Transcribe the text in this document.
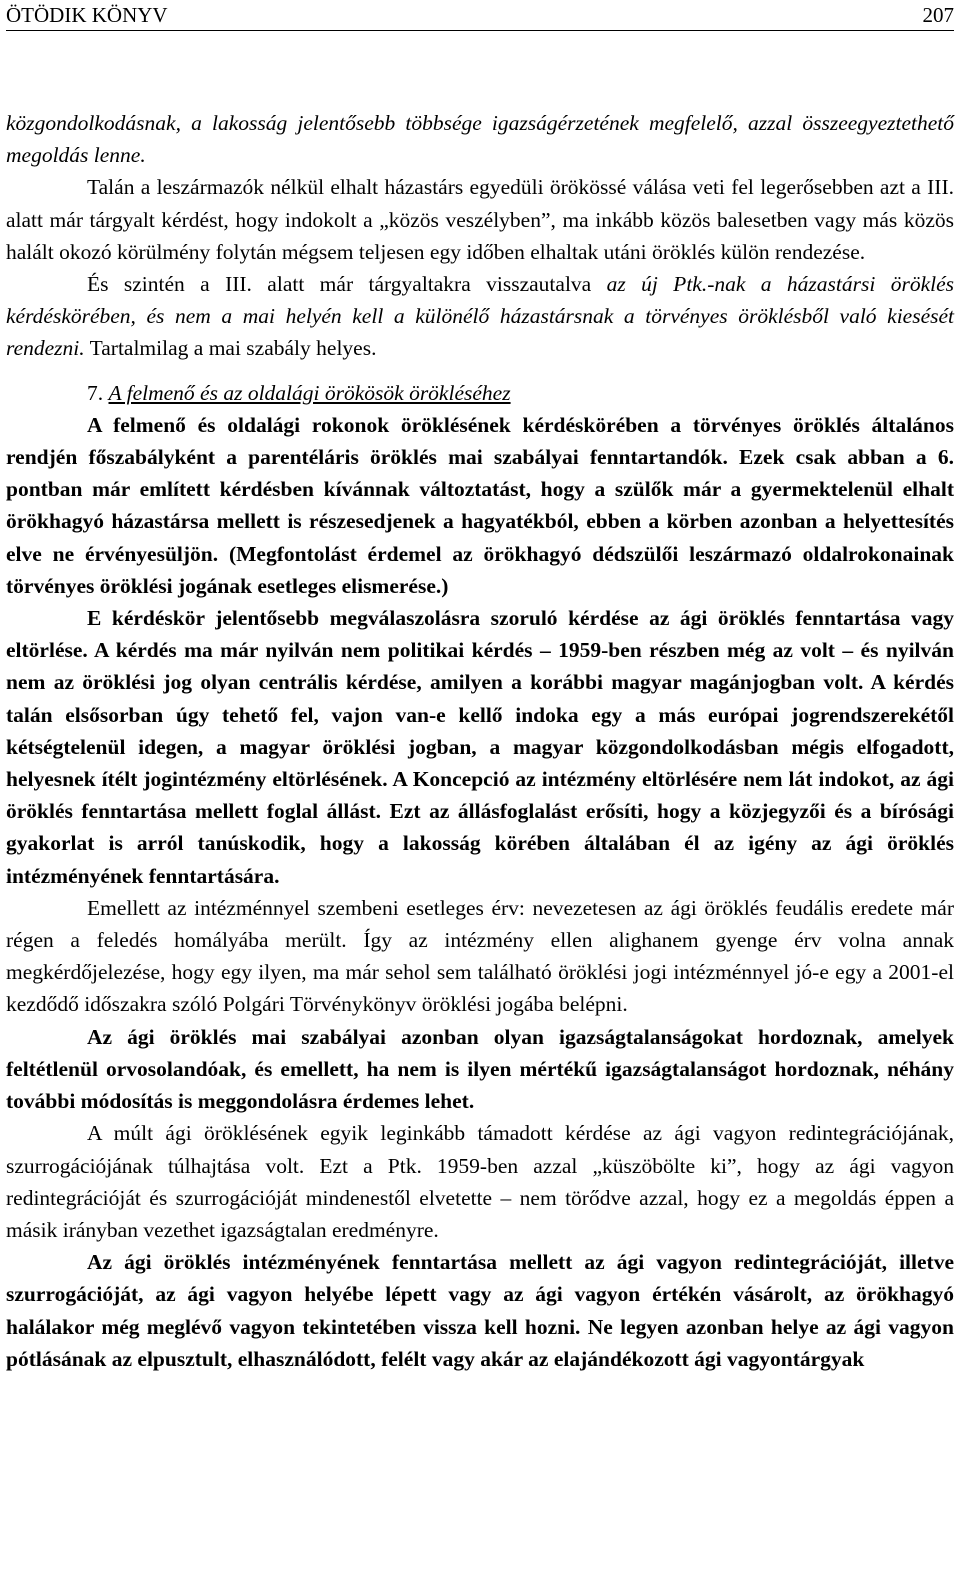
ÖTÖDIK KÖNYV	207

közgondolkodásnak, a lakosság jelentősebb többsége igazságérzetének megfelelő, azzal összeegyeztethető megoldás lenne.

Talán a leszármazók nélkül elhalt házastárs egyedüli örökössé válása veti fel legerősebben azt a III. alatt már tárgyalt kérdést, hogy indokolt a „közös veszélyben”, ma inkább közös balesetben vagy más közös halált okozó körülmény folytán mégsem teljesen egy időben elhaltak utáni öröklés külön rendezése.

És szintén a III. alatt már tárgyaltakra visszautalva az új Ptk.-nak a házastársi öröklés kérdéskörében, és nem a mai helyén kell a különélő házastársnak a törvényes öröklésből való kiesését rendezni. Tartalmilag a mai szabály helyes.

7. A felmenő és az oldalági örökösök örökléséhez

A felmenő és oldalági rokonok öröklésének kérdéskörében a törvényes öröklés általános rendjén főszabályként a parentéláris öröklés mai szabályai fenntartandók. Ezek csak abban a 6. pontban már említett kérdésben kívánnak változtatást, hogy a szülők már a gyermektelenül elhalt örökhagyó házastársa mellett is részesedjenek a hagyatékból, ebben a körben azonban a helyettesítés elve ne érvényesüljön. (Megfontolást érdemel az örökhagyó dédszülői leszármazó oldalrokonainak törvényes öröklési jogának esetleges elismerése.)

E kérdéskör jelentősebb megválaszolásra szoruló kérdése az ági öröklés fenntartása vagy eltörlése. A kérdés ma már nyilván nem politikai kérdés – 1959-ben részben még az volt – és nyilván nem az öröklési jog olyan centrális kérdése, amilyen a korábbi magyar magánjogban volt. A kérdés talán elsősorban úgy tehető fel, vajon van-e kellő indoka egy a más európai jogrendszerekétől kétségtelenül idegen, a magyar öröklési jogban, a magyar közgondolkodásban mégis elfogadott, helyesnek ítélt jogintézmény eltörlésének. A Koncepció az intézmény eltörlésére nem lát indokot, az ági öröklés fenntartása mellett foglal állást. Ezt az állásfoglalást erősíti, hogy a közjegyzői és a bírósági gyakorlat is arról tanúskodik, hogy a lakosság körében általában él az igény az ági öröklés intézményének fenntartására.

Emellett az intézménnyel szembeni esetleges érv: nevezetesen az ági öröklés feudális eredete már régen a feledés homályába merült. Így az intézmény ellen alighanem gyenge érv volna annak megkérdőjelezése, hogy egy ilyen, ma már sehol sem található öröklési jogi intézménnyel jó-e egy a 2001-el kezdődő időszakra szóló Polgári Törvénykönyv öröklési jogába belépni.

Az ági öröklés mai szabályai azonban olyan igazságtalanságokat hordoznak, amelyek feltétlenül orvosolandóak, és emellett, ha nem is ilyen mértékű igazságtalanságot hordoznak, néhány további módosítás is meggondolásra érdemes lehet.

A múlt ági öröklésének egyik leginkább támadott kérdése az ági vagyon redintegrációjának, szurrogációjának túlhajtása volt. Ezt a Ptk. 1959-ben azzal „küszöbölte ki”, hogy az ági vagyon redintegrációját és szurrogációját mindenestől elvetette – nem törődve azzal, hogy ez a megoldás éppen a másik irányban vezethet igazságtalan eredményre.

Az ági öröklés intézményének fenntartása mellett az ági vagyon redintegrációját, illetve szurrogációját, az ági vagyon helyébe lépett vagy az ági vagyon értékén vásárolt, az örökhagyó halálakor még meglévő vagyon tekintetében vissza kell hozni. Ne legyen azonban helye az ági vagyon pótlásának az elpusztult, elhasználódott, felélt vagy akár az elajándékozott ági vagyontárgyak
